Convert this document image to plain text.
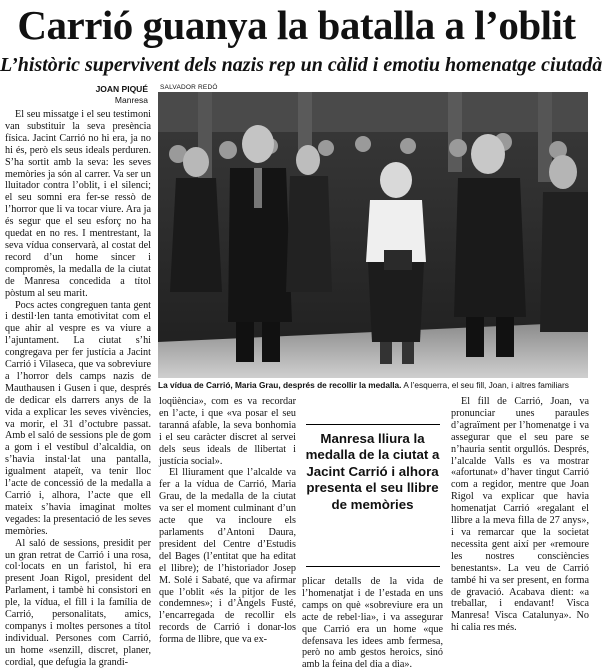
Carrió guanya la batalla a l’oblit
L’històric supervivent dels nazis rep un càlid i emotiu homenatge ciutadà
JOAN PIQUÉ
Manresa
SALVADOR REDÓ
La vídua de Carrió, Maria Grau, després de recollir la medalla. A l’esquerra, el seu fill, Joan, i altres familiars

El seu missatge i el seu testimoni van substituir la seva presència física. Jacint Carrió no hi era, ja no hi és, però els seus ideals perduren. S’ha sortit amb la seva: les seves memòries ja són al carrer. Va ser un lluitador contra l’oblit, i el silenci; el seu somni era fer-se ressò de l’horror que li va tocar viure. Ara ja és segur que el seu esforç no ha quedat en no res. I mentrestant, la seva vídua conservarà, al costat del record d’un home sincer i compromès, la medalla de la ciutat de Manresa concedida a títol pòstum al seu marit.

Pocs actes congreguen tanta gent i destil·len tanta emotivitat com el que ahir al vespre es va viure a l’ajuntament. La ciutat s’hi congregava per fer justícia a Jacint Carrió i Vilaseca, que va sobreviure a l’horror dels camps nazis de Mauthausen i Gusen i que, després de dedicar els darrers anys de la vida a explicar les seves vivències, va morir, el 31 d’octubre passat. Amb el saló de sessions ple de gom a gom i el vestíbul d’alcaldia, on s’havia instal·lat una pantalla, igualment atapeït, va tenir lloc l’acte de concessió de la medalla a Carrió i, alhora, l’acte que ell mateix s’havia imaginat moltes vegades: la presentació de les seves memòries.

Al saló de sessions, presidit per un gran retrat de Carrió i una rosa, col·locats en un faristol, hi era present Joan Rigol, president del Parlament, i tambè hi consistori en ple, la vídua, el fill i la família de Carrió, personalitats, amics, companys i moltes persones a títol individual. Persones com Carrió, un home «senzill, discret, planer, cordial, que defugia la grandi-

loqüència», com es va recordar en l’acte, i que «va posar el seu taranná afable, la seva bonhomia i el seu caràcter discret al servei dels seus ideals de llibertat i justícia social».

El lliurament que l’alcalde va fer a la vídua de Carrió, Maria Grau, de la medalla de la ciutat va ser el moment culminant d’un acte que va incloure els parlaments d’Antoni Daura, president del Centre d’Estudis del Bages (l’entitat que ha editat el llibre); de l’historiador Josep M. Solé i Sabaté, que va afirmar que l’oblit «és la pitjor de les condemnes»; i d’Àngels Fusté, l’encarregada de recollir els records de Carrió i donar-los forma de llibre, que va ex-

Manresa lliura la medalla de la ciutat a Jacint Carrió i alhora presenta el seu llibre de memòries

plicar detalls de la vida de l’homenatjat i de l’estada en uns camps on què «sobreviure era un acte de rebel·lia», i va assegurar que Carrió era un home «que defensava les idees amb fermesa, però no amb gestos heroics, sinó amb la feina del dia a dia».

El fill de Carrió, Joan, va pronunciar unes paraules d’agraïment per l’homenatge i va assegurar que el seu pare se n’hauria sentit orgullós. Després, l’alcalde Valls es va mostrar «afortunat» d’haver tingut Carrió com a regidor, mentre que Joan Rigol va explicar que havia homenatjat Carrió «regalant el llibre a la meva filla de 27 anys», i va remarcar que la societat necessita gent així per «remoure les nostres consciències benestants». La veu de Carrió també hi va ser present, en forma de gravació. Acabava dient: «a treballar, i endavant! Visca Manresa! Visca Catalunya». No hi calia res més.
